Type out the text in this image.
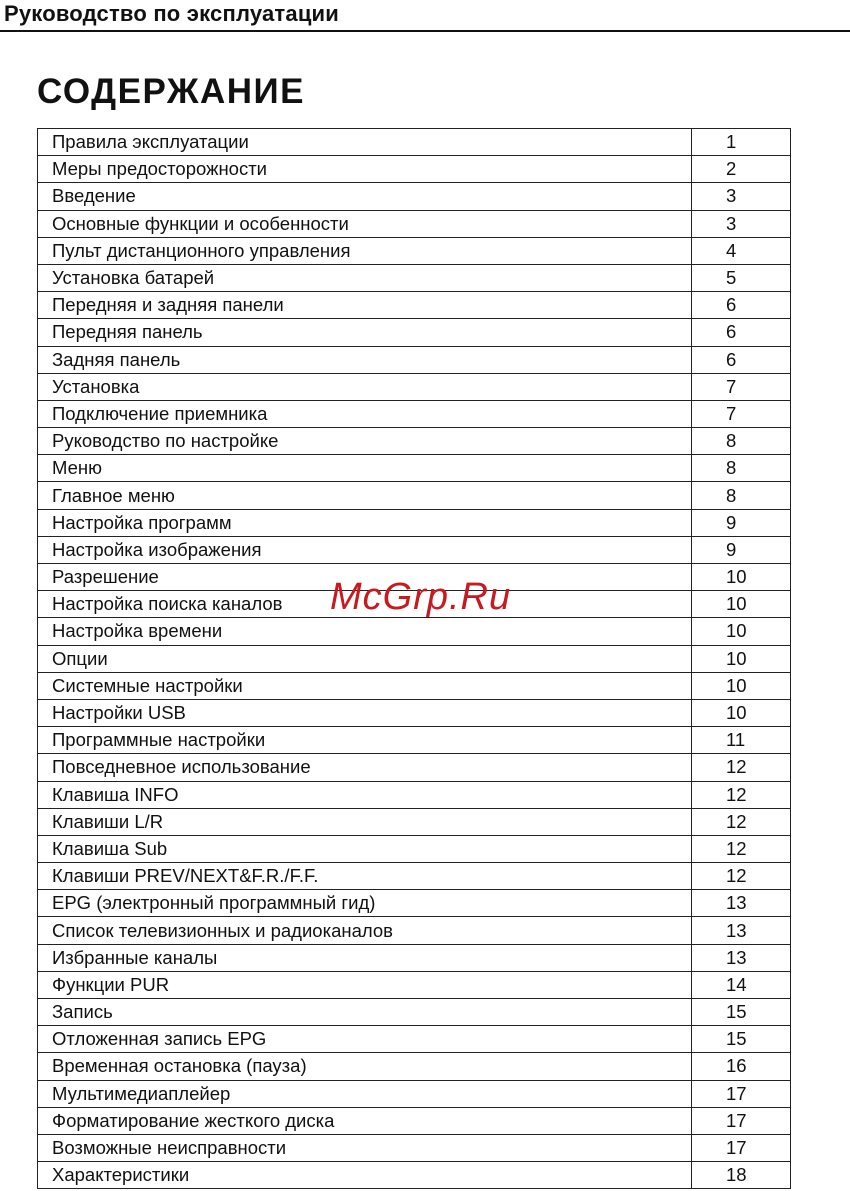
Руководство по эксплуатации
СОДЕРЖАНИЕ
Правила эксплуатации	1
Меры предосторожности	2
Введение	3
Основные функции и особенности	3
Пульт дистанционного управления	4
Установка батарей	5
Передняя и задняя панели	6
Передняя панель	6
Задняя панель	6
Установка	7
Подключение приемника	7
Руководство по настройке	8
Меню	8
Главное меню	8
Настройка программ	9
Настройка изображения	9
Разрешение	10
Настройка поиска каналов	10
Настройка времени	10
Опции	10
Системные настройки	10
Настройки USB	10
Программные настройки	11
Повседневное использование	12
Клавиша INFO	12
Клавиши L/R	12
Клавиша Sub	12
Клавиши PREV/NEXT&F.R./F.F.	12
EPG (электронный программный гид)	13
Список телевизионных и радиоканалов	13
Избранные каналы	13
Функции PUR	14
Запись	15
Отложенная запись EPG	15
Временная остановка (пауза)	16
Мультимедиаплейер	17
Форматирование жесткого диска	17
Возможные неисправности	17
Характеристики	18
McGrp.Ru
